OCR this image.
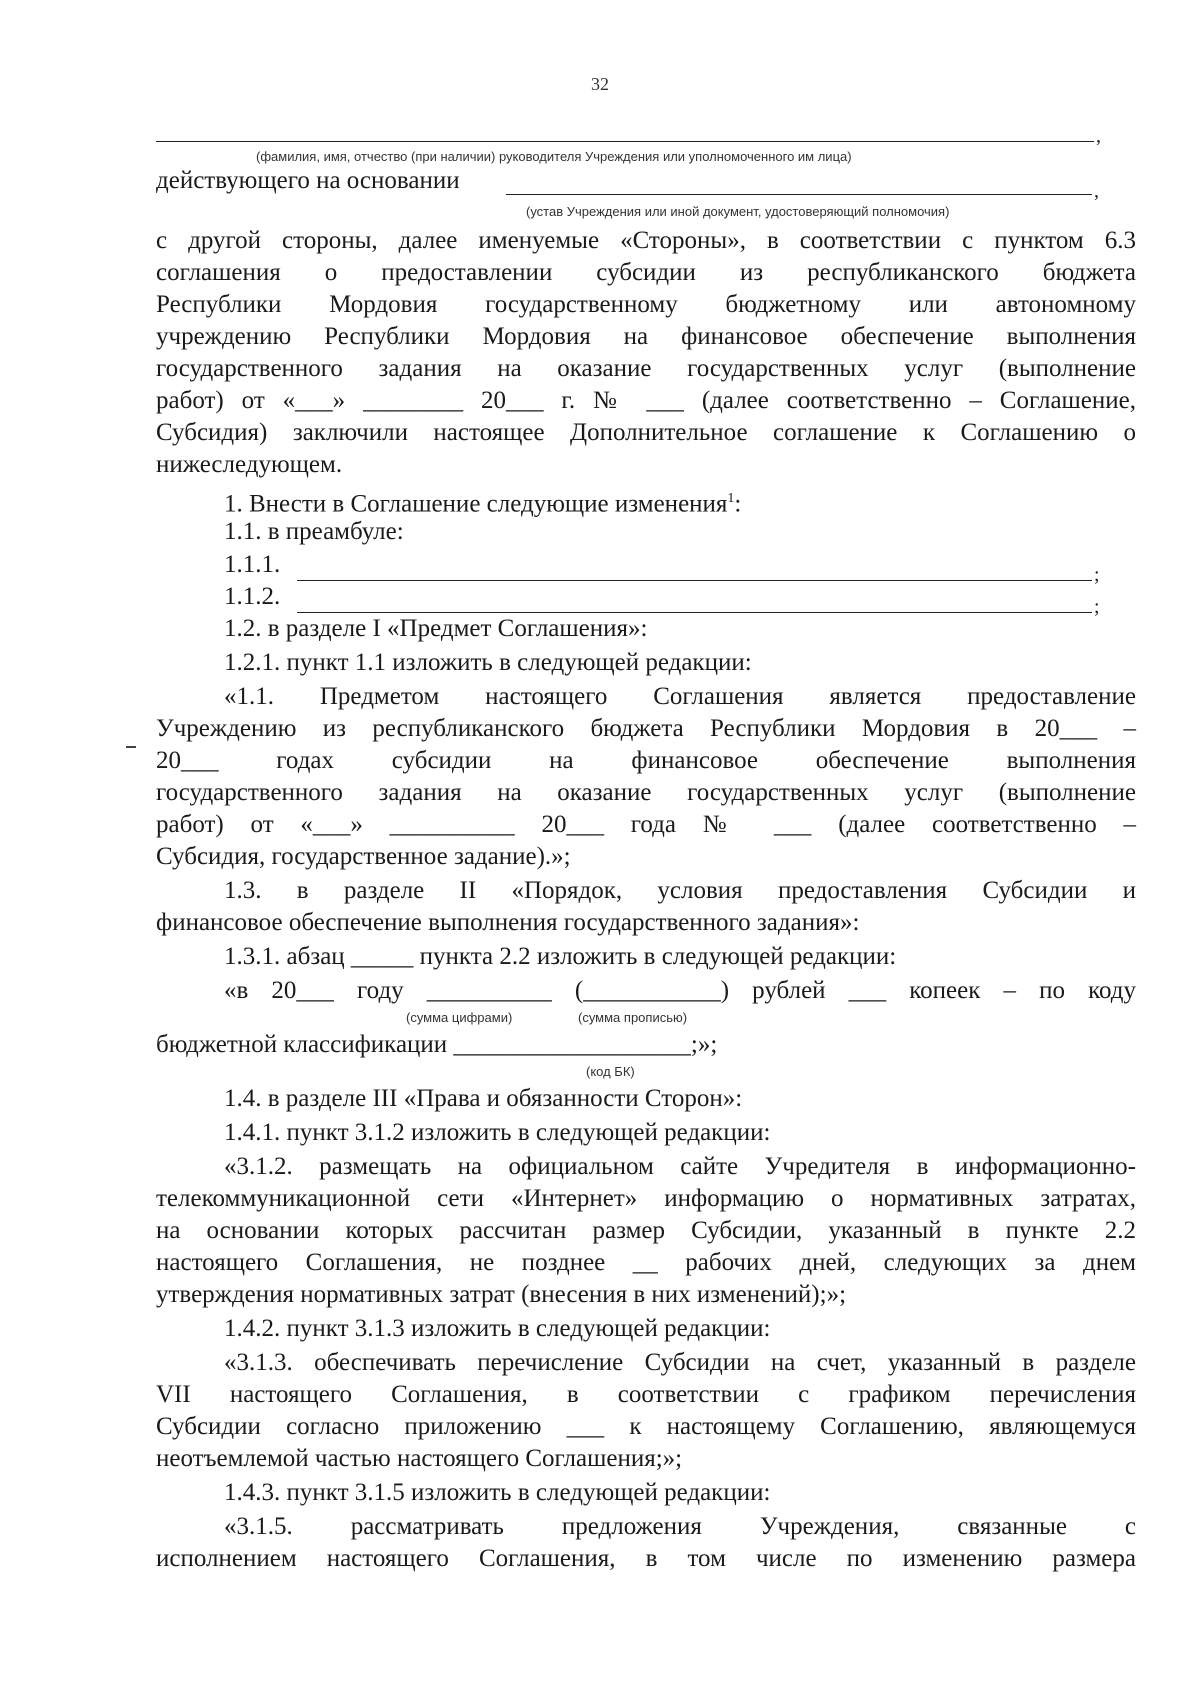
32
,
(фамилия, имя, отчество (при наличии) руководителя Учреждения или уполномоченного им лица)
действующего на основании	,
(устав Учреждения или иной документ, удостоверяющий полномочия)
с другой стороны, далее именуемые «Стороны», в соответствии с пунктом 6.3
соглашения о предоставлении субсидии из республиканского бюджета
Республики Мордовия государственному бюджетному или автономному
учреждению Республики Мордовия на финансовое обеспечение выполнения
государственного задания на оказание государственных услуг (выполнение
работ) от «___» ________ 20___ г. № ___ (далее соответственно – Соглашение,
Субсидия) заключили настоящее Дополнительное соглашение к Соглашению о
нижеследующем.
1. Внести в Соглашение следующие изменения$^1$:
1.1. в преамбуле:
1.1.1.	;
1.1.2.	;
1.2. в разделе I «Предмет Соглашения»:
1.2.1. пункт 1.1 изложить в следующей редакции:
«1.1. Предметом настоящего Соглашения является предоставление
Учреждению из республиканского бюджета Республики Мордовия в 20___ –
20___ годах субсидии на финансовое обеспечение выполнения
государственного задания на оказание государственных услуг (выполнение
работ) от «___» __________ 20___ года № ___ (далее соответственно –
Субсидия, государственное задание).»;
1.3. в разделе II «Порядок, условия предоставления Субсидии и
финансовое обеспечение выполнения государственного задания»:
1.3.1. абзац _____ пункта 2.2 изложить в следующей редакции:
«в 20___ году __________ (___________) рублей ___ копеек – по коду
(сумма цифрами)	(сумма прописью)
бюджетной классификации ___________________;»;
(код БК)
1.4. в разделе III «Права и обязанности Сторон»:
1.4.1. пункт 3.1.2 изложить в следующей редакции:
«3.1.2. размещать на официальном сайте Учредителя в информационно-
телекоммуникационной сети «Интернет» информацию о нормативных затратах,
на основании которых рассчитан размер Субсидии, указанный в пункте 2.2
настоящего Соглашения, не позднее __ рабочих дней, следующих за днем
утверждения нормативных затрат (внесения в них изменений);»;
1.4.2. пункт 3.1.3 изложить в следующей редакции:
«3.1.3. обеспечивать перечисление Субсидии на счет, указанный в разделе
VII настоящего Соглашения, в соответствии с графиком перечисления
Субсидии согласно приложению ___ к настоящему Соглашению, являющемуся
неотъемлемой частью настоящего Соглашения;»;
1.4.3. пункт 3.1.5 изложить в следующей редакции:
«3.1.5. рассматривать предложения Учреждения, связанные с
исполнением настоящего Соглашения, в том числе по изменению размера
